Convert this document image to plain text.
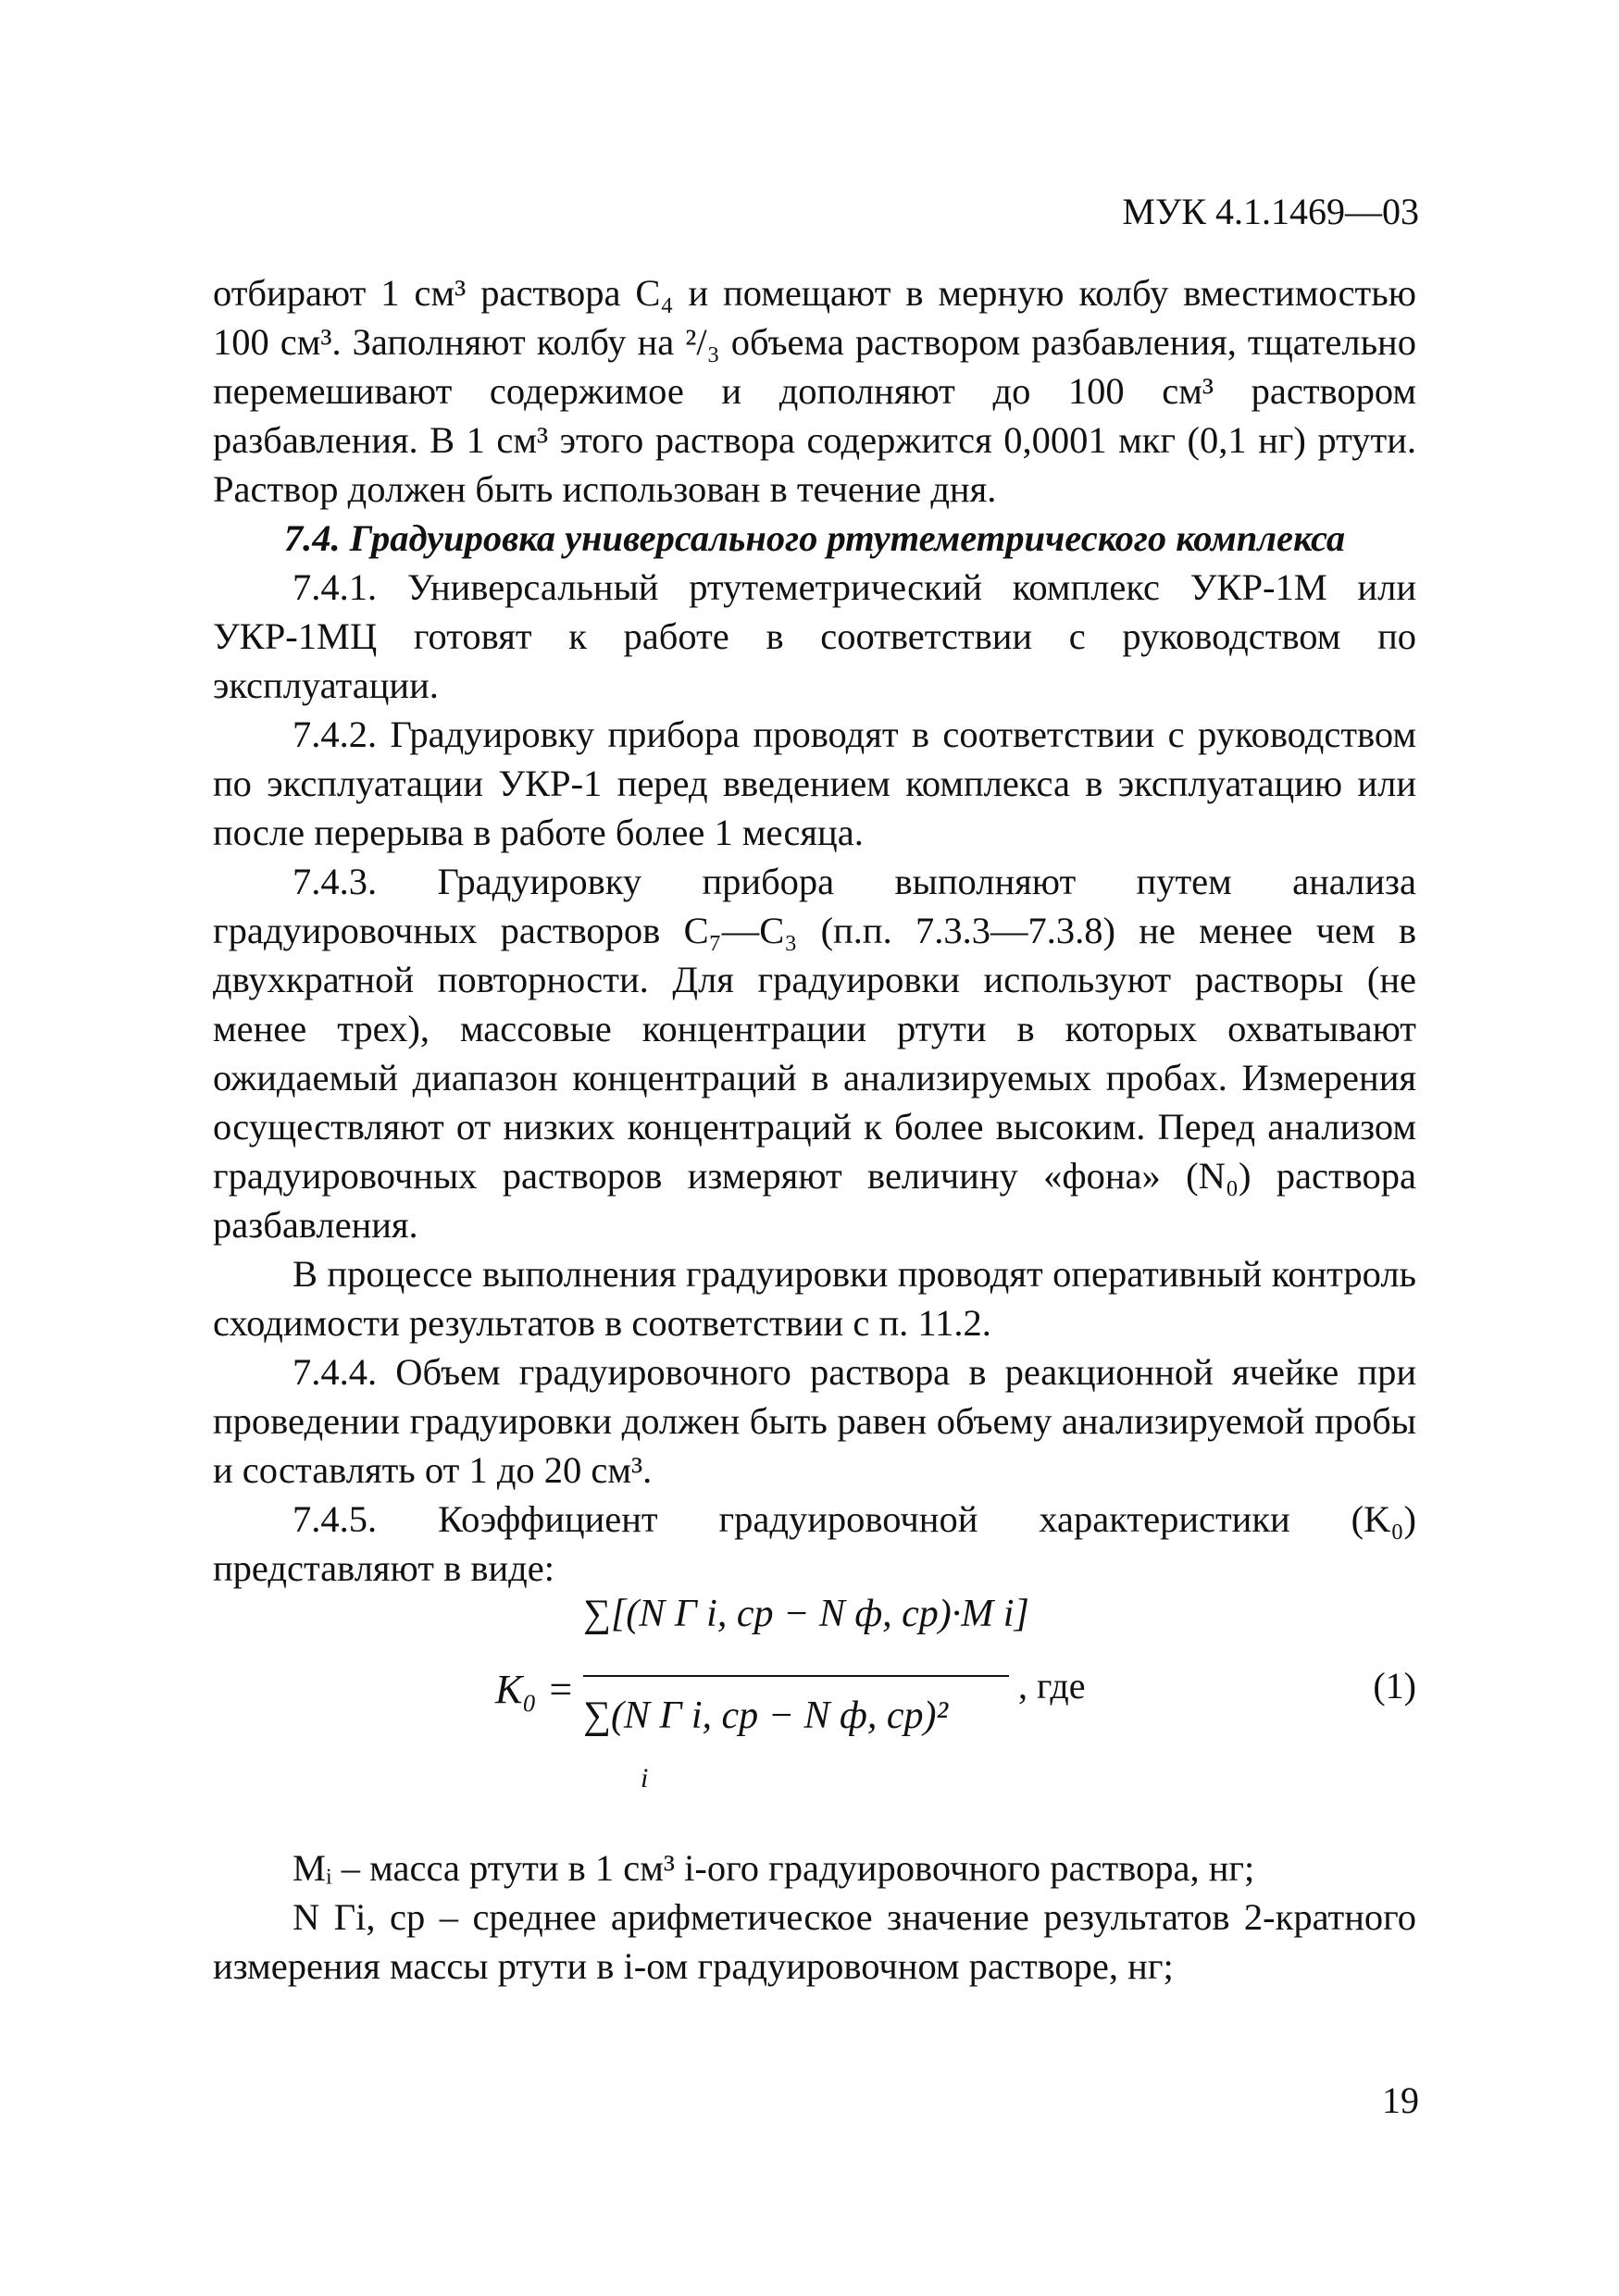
МУК 4.1.1469—03

отбирают 1 см³ раствора C₄ и помещают в мерную колбу вместимостью 100 см³. Заполняют колбу на ²/₃ объема раствором разбавления, тщательно перемешивают содержимое и дополняют до 100 см³ раствором разбавления. В 1 см³ этого раствора содержится 0,0001 мкг (0,1 нг) ртути. Раствор должен быть использован в течение дня.

7.4. Градуировка универсального ртутеметрического комплекса

7.4.1. Универсальный ртутеметрический комплекс УКР-1М или УКР-1МЦ готовят к работе в соответствии с руководством по эксплуатации.

7.4.2. Градуировку прибора проводят в соответствии с руководством по эксплуатации УКР-1 перед введением комплекса в эксплуатацию или после перерыва в работе более 1 месяца.

7.4.3. Градуировку прибора выполняют путем анализа градуировочных растворов C₇—C₃ (п.п. 7.3.3—7.3.8) не менее чем в двухкратной повторности. Для градуировки используют растворы (не менее трех), массовые концентрации ртути в которых охватывают ожидаемый диапазон концентраций в анализируемых пробах. Измерения осуществляют от низких концентраций к более высоким. Перед анализом градуировочных растворов измеряют величину «фона» (N₀) раствора разбавления.

В процессе выполнения градуировки проводят оперативный контроль сходимости результатов в соответствии с п. 11.2.

7.4.4. Объем градуировочного раствора в реакционной ячейке при проведении градуировки должен быть равен объему анализируемой пробы и составлять от 1 до 20 см³.

7.4.5. Коэффициент градуировочной характеристики (K₀) представляют в виде:

K₀ =
∑[(N Г i, ср − N ф, ср)·M i]
∑(N Г i, ср − N ф, ср)²
i
, где	(1)

Mᵢ – масса ртути в 1 см³ i-ого градуировочного раствора, нг;

N Гi, ср – среднее арифметическое значение результатов 2-кратного измерения массы ртути в i-ом градуировочном растворе, нг;

19
